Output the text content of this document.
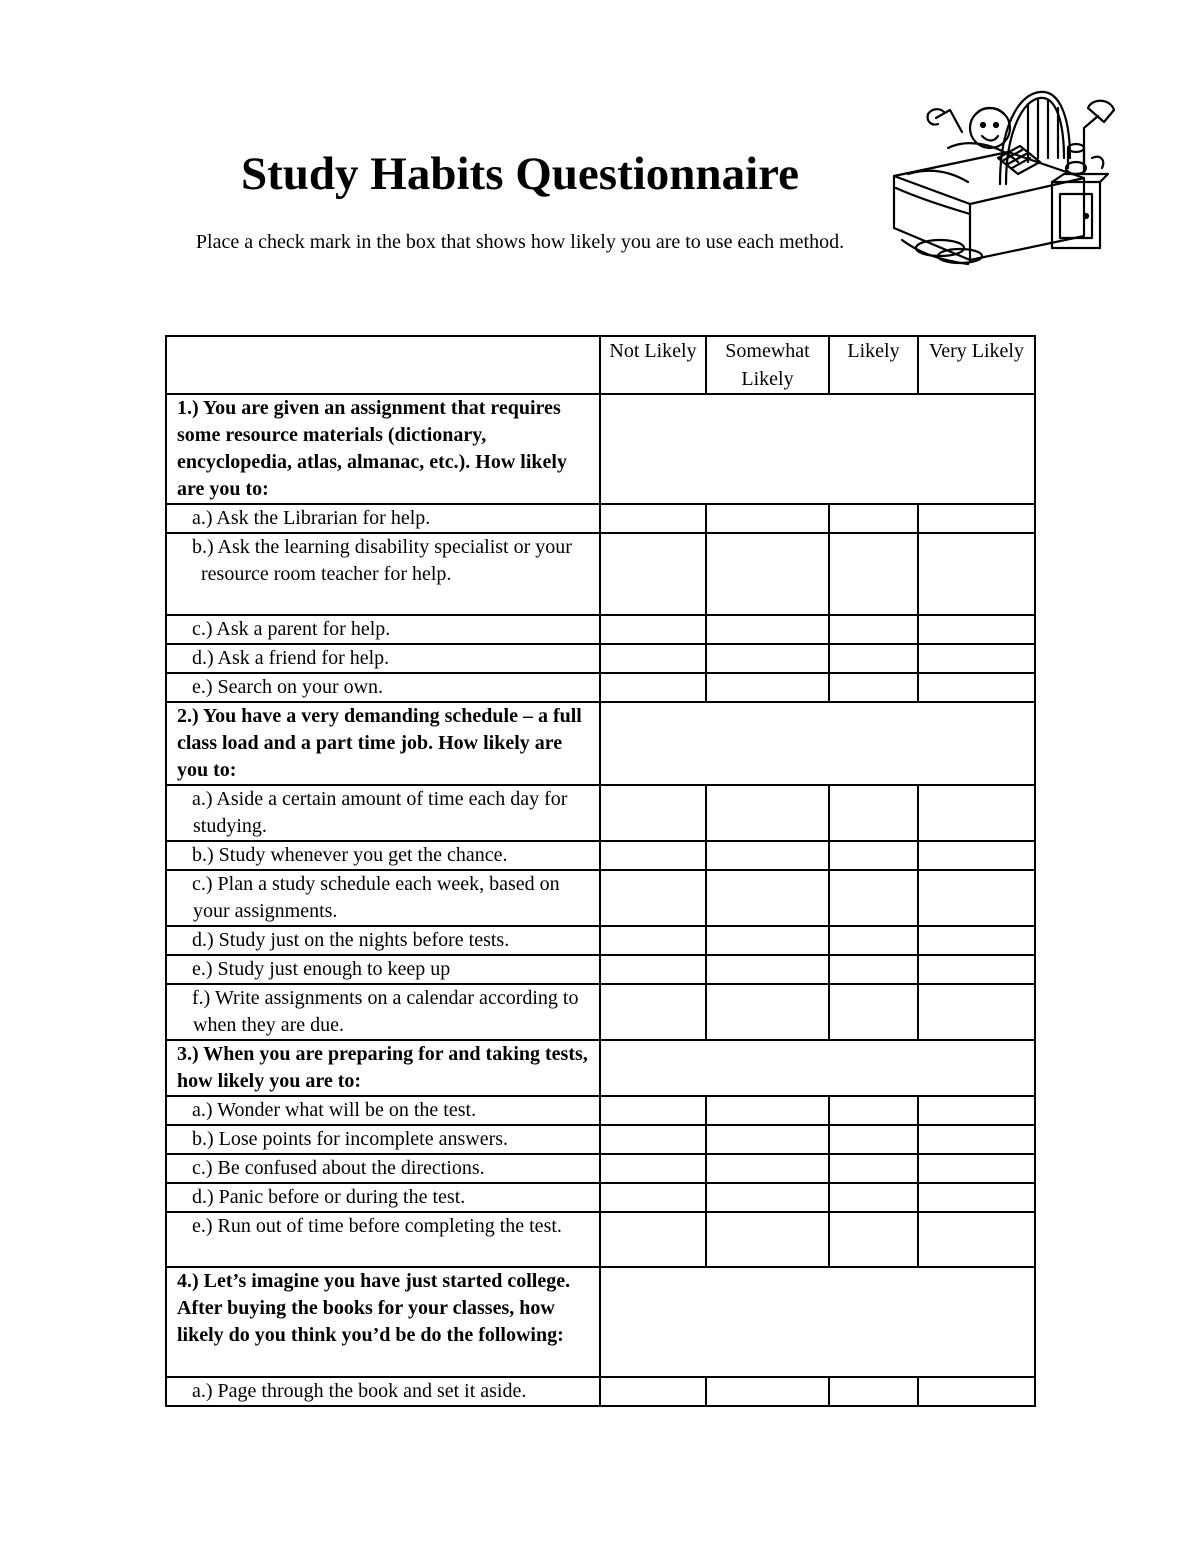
Study Habits Questionnaire
Place a check mark in the box that shows how likely you are to use each method.
	Not Likely	Somewhat Likely	Likely	Very Likely
1.) You are given an assignment that requires some resource materials (dictionary, encyclopedia, atlas, almanac, etc.). How likely are you to:				
a.) Ask the Librarian for help.				
b.) Ask the learning disability specialist or your resource room teacher for help.				
c.) Ask a parent for help.				
d.) Ask a friend for help.				
e.) Search on your own.				
2.) You have a very demanding schedule – a full class load and a part time job. How likely are you to:				
a.) Aside a certain amount of time each day for studying.				
b.) Study whenever you get the chance.				
c.) Plan a study schedule each week, based on your assignments.				
d.) Study just on the nights before tests.				
e.) Study just enough to keep up				
f.) Write assignments on a calendar according to when they are due.				
3.) When you are preparing for and taking tests, how likely you are to:				
a.) Wonder what will be on the test.				
b.) Lose points for incomplete answers.				
c.) Be confused about the directions.				
d.) Panic before or during the test.				
e.) Run out of time before completing the test.				
4.) Let’s imagine you have just started college. After buying the books for your classes, how likely do you think you’d be do the following:				
a.) Page through the book and set it aside.				
